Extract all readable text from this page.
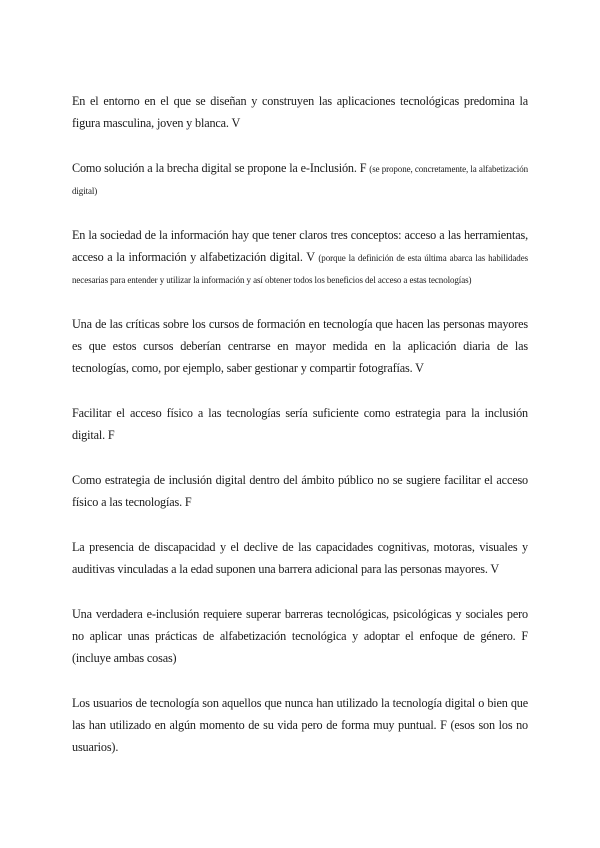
En el entorno en el que se diseñan y construyen las aplicaciones tecnológicas predomina la figura masculina, joven y blanca. V

Como solución a la brecha digital se propone la e-Inclusión. F (se propone, concretamente, la alfabetización digital)

En la sociedad de la información hay que tener claros tres conceptos: acceso a las herramientas, acceso a la información y alfabetización digital. V (porque la definición de esta última abarca las habilidades necesarias para entender y utilizar la información y así obtener todos los beneficios del acceso a estas tecnologías)

Una de las críticas sobre los cursos de formación en tecnología que hacen las personas mayores es que estos cursos deberían centrarse en mayor medida en la aplicación diaria de las tecnologías, como, por ejemplo, saber gestionar y compartir fotografías. V

Facilitar el acceso físico a las tecnologías sería suficiente como estrategia para la inclusión digital. F

Como estrategia de inclusión digital dentro del ámbito público no se sugiere facilitar el acceso físico a las tecnologías. F

La presencia de discapacidad y el declive de las capacidades cognitivas, motoras, visuales y auditivas vinculadas a la edad suponen una barrera adicional para las personas mayores. V

Una verdadera e-inclusión requiere superar barreras tecnológicas, psicológicas y sociales pero no aplicar unas prácticas de alfabetización tecnológica y adoptar el enfoque de género. F (incluye ambas cosas)

Los usuarios de tecnología son aquellos que nunca han utilizado la tecnología digital o bien que las han utilizado en algún momento de su vida pero de forma muy puntual. F (esos son los no usuarios).
